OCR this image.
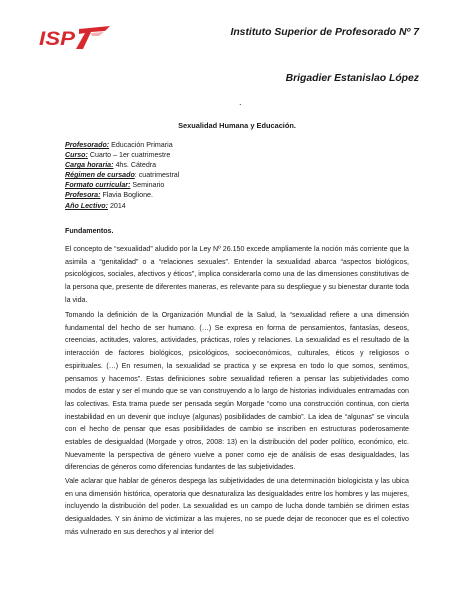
ISP	Instituto Superior de Profesorado Nº 7
Brigadier Estanislao López
.
Sexualidad Humana y Educación.
Profesorado: Educación Primaria
Curso: Cuarto – 1er cuatrimestre
Carga horaria: 4hs. Cátedra
Régimen de cursado: cuatrimestral
Formato curricular: Seminario
Profesora: Flavia Boglione.
Año Lectivo: 2014
Fundamentos.

El concepto de “sexualidad” aludido por la Ley Nº 26.150 excede ampliamente la noción más corriente que la asimila a “genitalidad” o a “relaciones sexuales”. Entender la sexualidad abarca “aspectos biológicos, psicológicos, sociales, afectivos y éticos”, implica considerarla como una de las dimensiones constitutivas de la persona que, presente de diferentes maneras, es relevante para su despliegue y su bienestar durante toda la vida.

Tomando la definición de la Organización Mundial de la Salud, la “sexualidad refiere a una dimensión fundamental del hecho de ser humano. (…) Se expresa en forma de pensamientos, fantasías, deseos, creencias, actitudes, valores, actividades, prácticas, roles y relaciones. La sexualidad es el resultado de la interacción de factores biológicos, psicológicos, socioeconómicos, culturales, éticos y religiosos o espirituales. (…) En resumen, la sexualidad se practica y se expresa en todo lo que somos, sentimos, pensamos y hacemos”. Estas definiciones sobre sexualidad refieren a pensar las subjetividades como modos de estar y ser el mundo que se van construyendo a lo largo de historias individuales entramadas con las colectivas. Esta trama puede ser pensada según Morgade “como una construcción continua, con cierta inestabilidad en un devenir que incluye (algunas) posibilidades de cambio”. La idea de “algunas” se vincula con el hecho de pensar que esas posibilidades de cambio se inscriben en estructuras poderosamente estables de desigualdad (Morgade y otros, 2008: 13) en la distribución del poder político, económico, etc. Nuevamente la perspectiva de género vuelve a poner como eje de análisis de esas desigualdades, las diferencias de géneros como diferencias fundantes de las subjetividades.

Vale aclarar que hablar de géneros despega las subjetividades de una determinación biologicista y las ubica en una dimensión histórica, operatoria que desnaturaliza las desigualdades entre los hombres y las mujeres, incluyendo la distribución del poder. La sexualidad es un campo de lucha donde también se dirimen estas desigualdades. Y sin ánimo de victimizar a las mujeres, no se puede dejar de reconocer que es el colectivo más vulnerado en sus derechos y al interior del
